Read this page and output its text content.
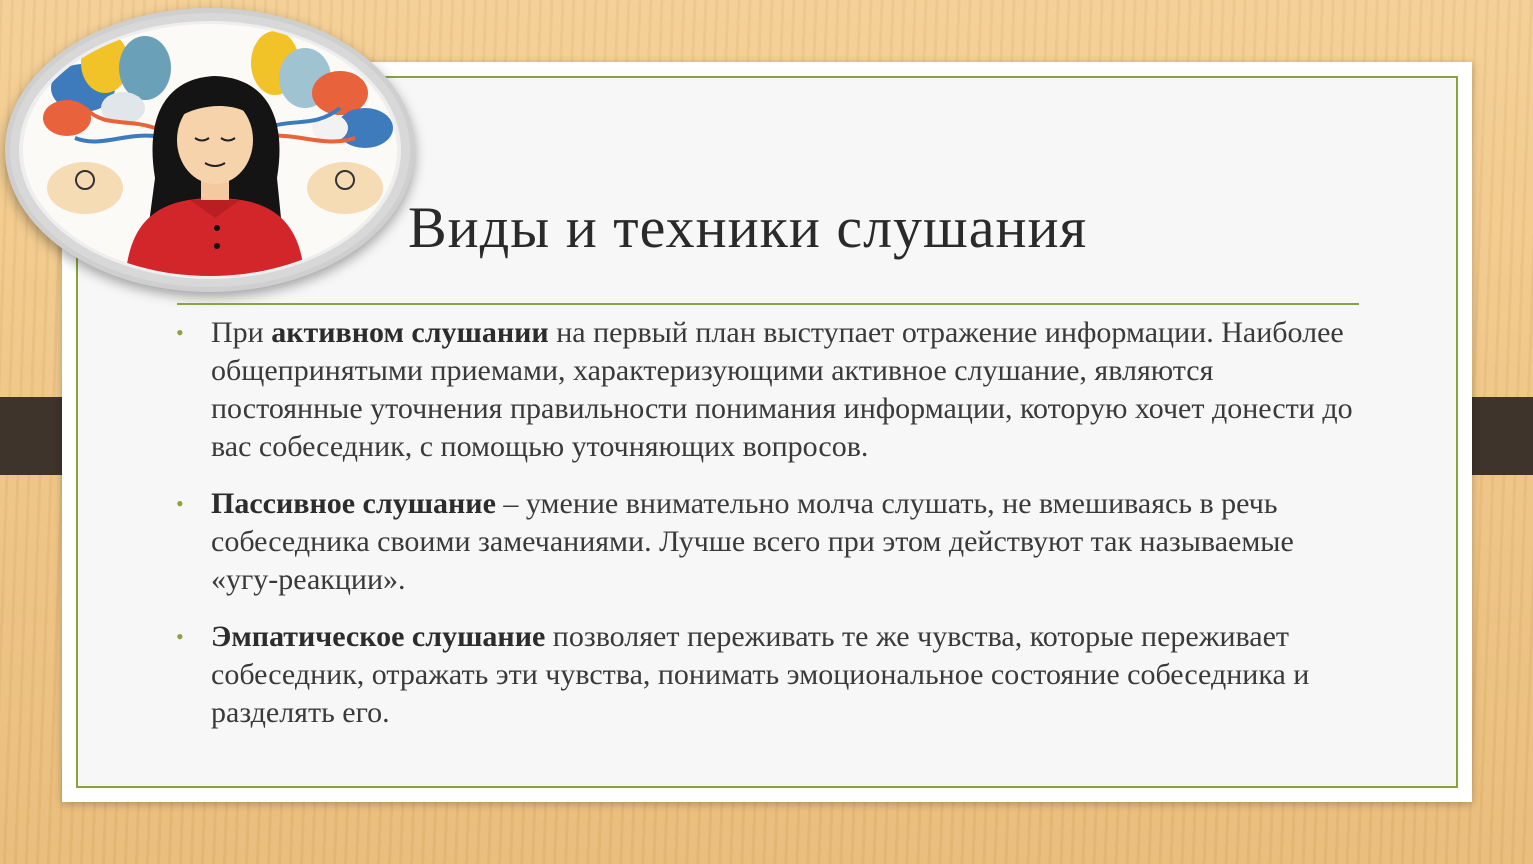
Виды и техники слушания
• При активном слушании на первый план выступает отражение информации. Наиболее общепринятыми приемами, характеризующими активное слушание, являются постоянные уточнения правильности понимания информации, которую хочет донести до вас собеседник, с помощью уточняющих вопросов.
• Пассивное слушание – умение внимательно молча слушать, не вмешиваясь в речь собеседника своими замечаниями. Лучше всего при этом действуют так называемые «угу-реакции».
• Эмпатическое слушание позволяет переживать те же чувства, которые переживает собеседник, отражать эти чувства, понимать эмоциональное состояние собеседника и разделять его.
